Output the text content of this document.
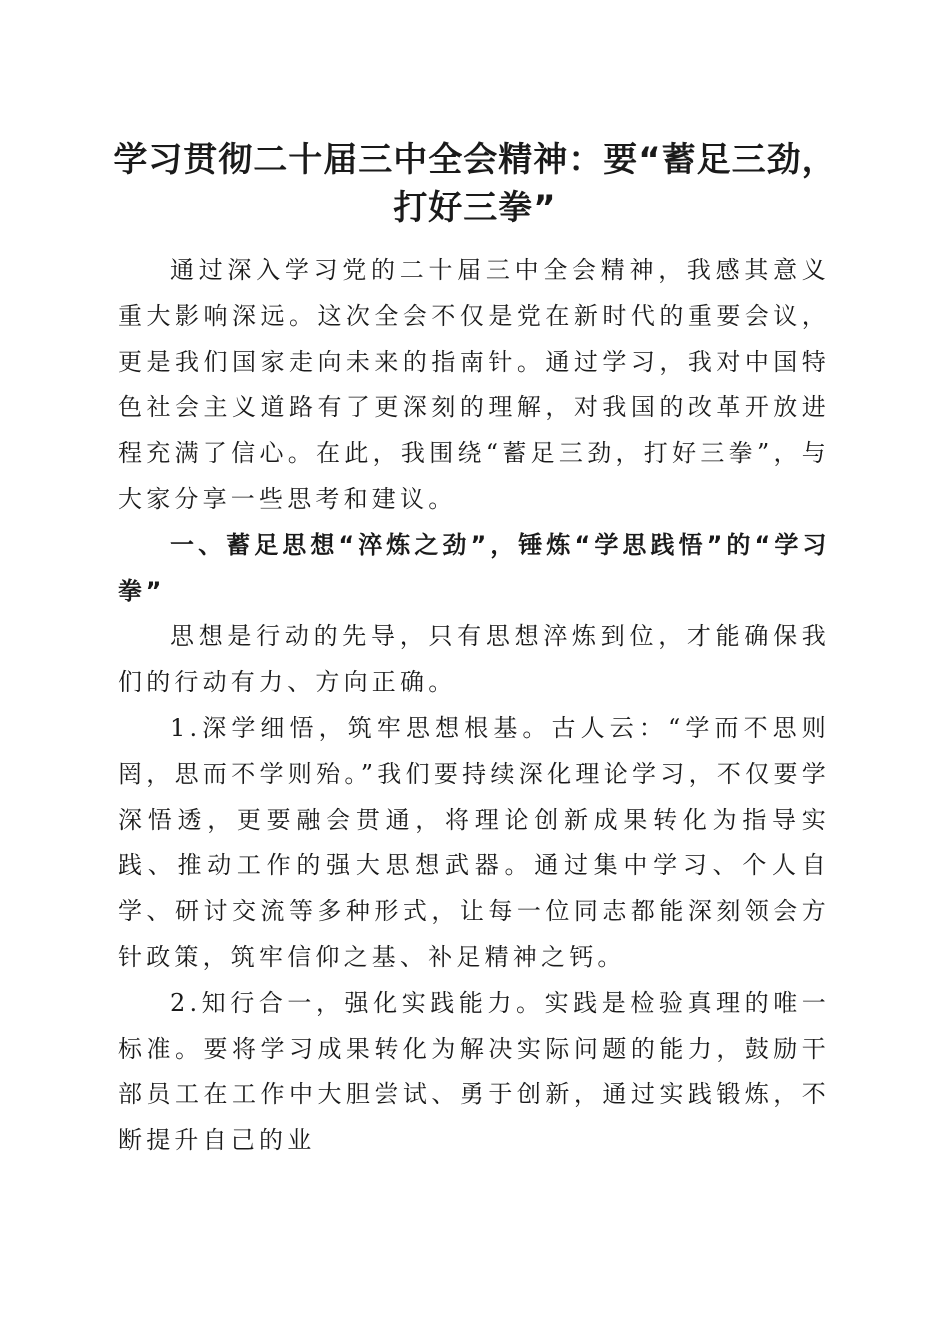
学习贯彻二十届三中全会精神：要“蓄足三劲，
打好三拳”

通过深入学习党的二十届三中全会精神，我感其意义重大影响深远。这次全会不仅是党在新时代的重要会议，更是我们国家走向未来的指南针。通过学习，我对中国特色社会主义道路有了更深刻的理解，对我国的改革开放进程充满了信心。在此，我围绕“蓄足三劲，打好三拳”，与大家分享一些思考和建议。

一、蓄足思想“淬炼之劲”，锤炼“学思践悟”的“学习拳”

思想是行动的先导，只有思想淬炼到位，才能确保我们的行动有力、方向正确。

1.深学细悟，筑牢思想根基。古人云：“学而不思则罔，思而不学则殆。”我们要持续深化理论学习，不仅要学深悟透，更要融会贯通，将理论创新成果转化为指导实践、推动工作的强大思想武器。通过集中学习、个人自学、研讨交流等多种形式，让每一位同志都能深刻领会方针政策，筑牢信仰之基、补足精神之钙。

2.知行合一，强化实践能力。实践是检验真理的唯一标准。要将学习成果转化为解决实际问题的能力，鼓励干部员工在工作中大胆尝试、勇于创新，通过实践锻炼，不断提升自己的业
